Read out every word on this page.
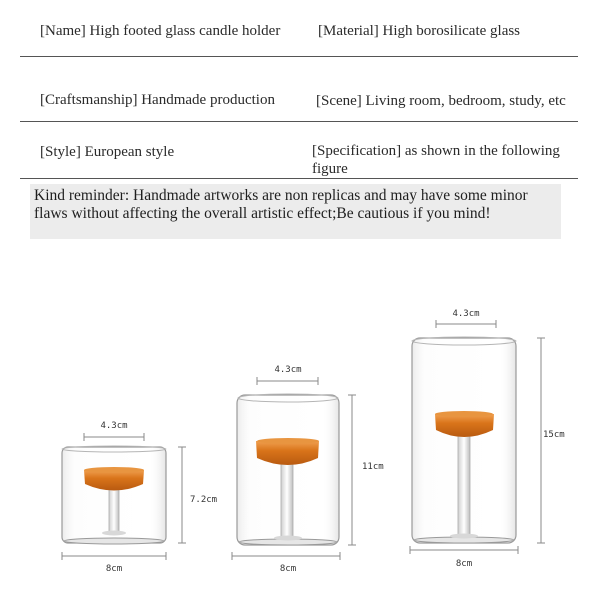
[Name] High footed glass candle holder	[Material] High borosilicate glass
[Craftsmanship] Handmade production	[Scene] Living room, bedroom, study, etc
[Style] European style	[Specification] as shown in the following figure
Kind reminder: Handmade artworks are non replicas and may have some minor flaws without affecting the overall artistic effect;Be cautious if you mind!
4.3cm
7.2cm
8cm
4.3cm
11cm
8cm
4.3cm
15cm
8cm
